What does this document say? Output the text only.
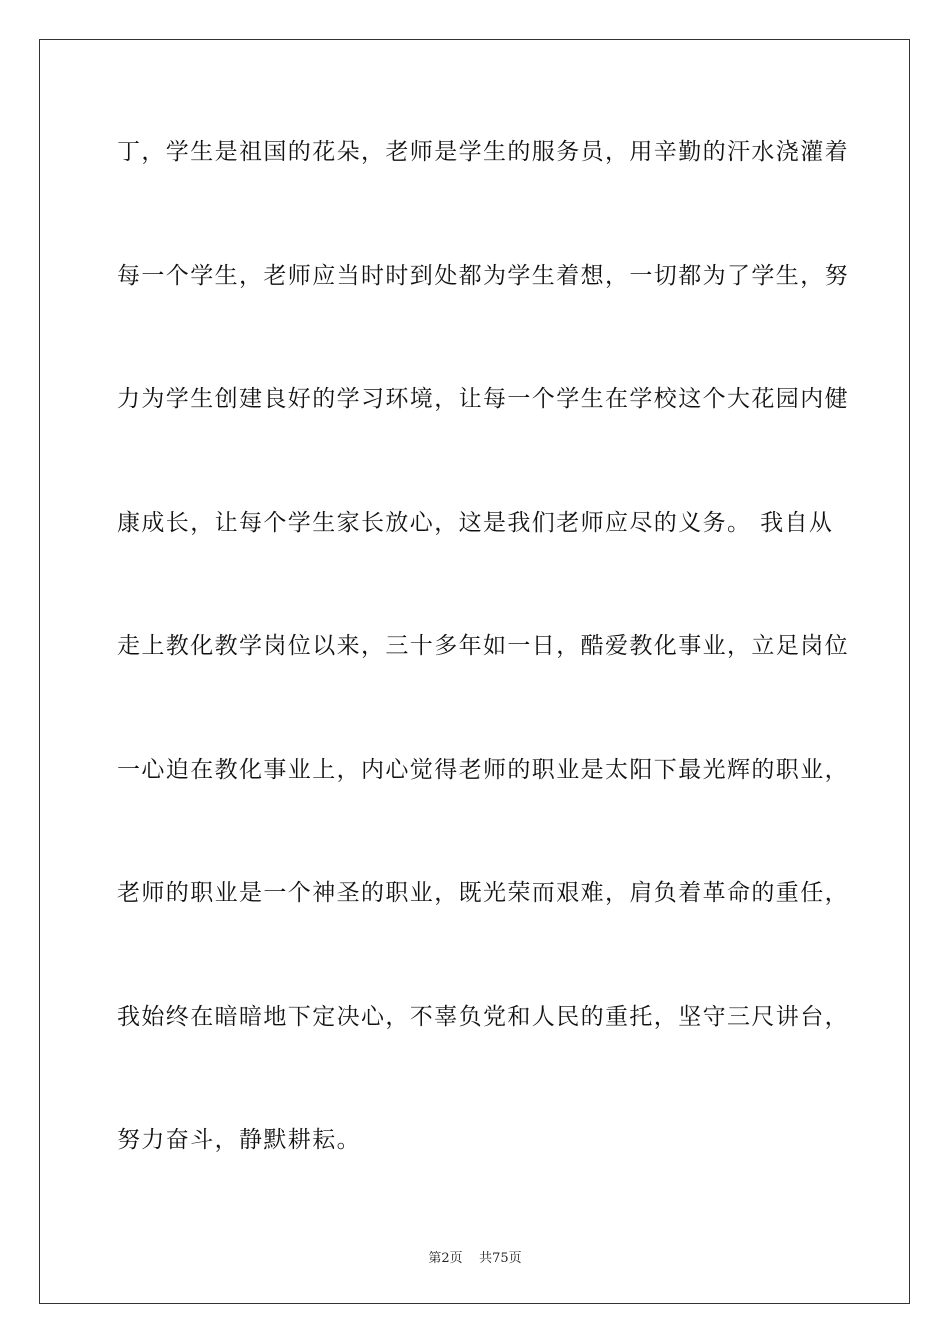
丁，学生是祖国的花朵，老师是学生的服务员，用辛勤的汗水浇灌着
每一个学生，老师应当时时到处都为学生着想，一切都为了学生，努
力为学生创建良好的学习环境，让每一个学生在学校这个大花园内健
康成长，让每个学生家长放心，这是我们老师应尽的义务。 我自从
走上教化教学岗位以来，三十多年如一日，酷爱教化事业，立足岗位
一心迫在教化事业上，内心觉得老师的职业是太阳下最光辉的职业，
老师的职业是一个神圣的职业，既光荣而艰难，肩负着革命的重任，
我始终在暗暗地下定决心，不辜负党和人民的重托，坚守三尺讲台，
努力奋斗，静默耕耘。
第2页 共75页
